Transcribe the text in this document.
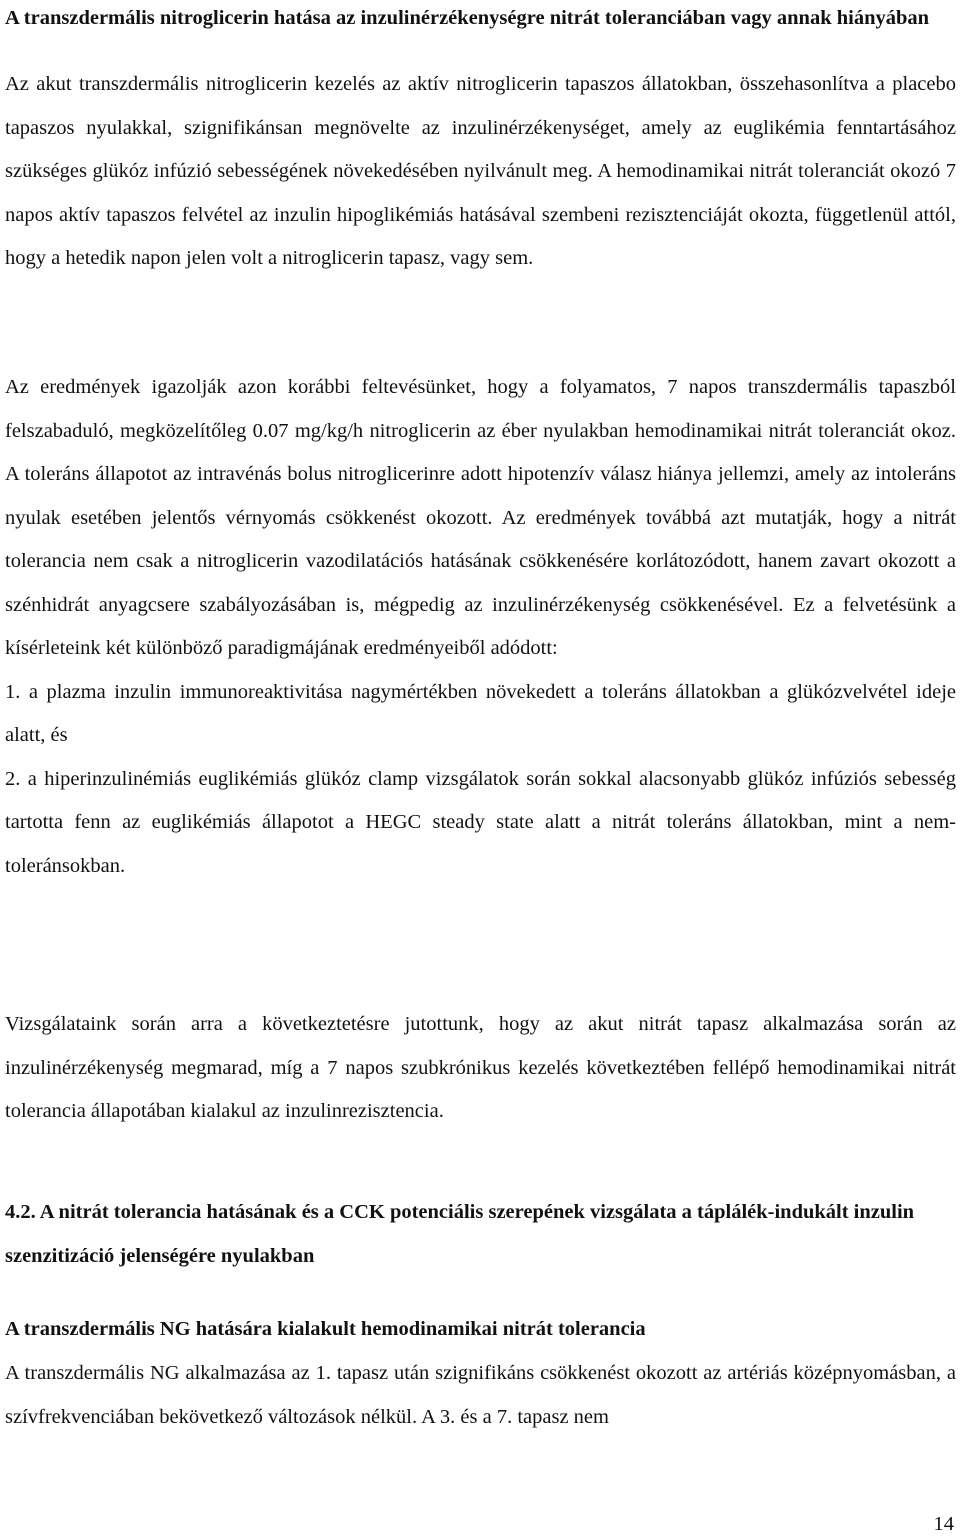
A transzdermális nitroglicerin hatása az inzulinérzékenységre nitrát toleranciában vagy annak hiányában

Az akut transzdermális nitroglicerin kezelés az aktív nitroglicerin tapaszos állatokban, összehasonlítva a placebo tapaszos nyulakkal, szignifikánsan megnövelte az inzulinérzékenységet, amely az euglikémia fenntartásához szükséges glükóz infúzió sebességének növekedésében nyilvánult meg. A hemodinamikai nitrát toleranciát okozó 7 napos aktív tapaszos felvétel az inzulin hipoglikémiás hatásával szembeni rezisztenciáját okozta, függetlenül attól, hogy a hetedik napon jelen volt a nitroglicerin tapasz, vagy sem.

Az eredmények igazolják azon korábbi feltevésünket, hogy a folyamatos, 7 napos transzdermális tapaszból felszabaduló, megközelítőleg 0.07 mg/kg/h nitroglicerin az éber nyulakban hemodinamikai nitrát toleranciát okoz. A toleráns állapotot az intravénás bolus nitroglicerinre adott hipotenzív válasz hiánya jellemzi, amely az intoleráns nyulak esetében jelentős vérnyomás csökkenést okozott. Az eredmények továbbá azt mutatják, hogy a nitrát tolerancia nem csak a nitroglicerin vazodilatációs hatásának csökkenésére korlátozódott, hanem zavart okozott a szénhidrát anyagcsere szabályozásában is, mégpedig az inzulinérzékenység csökkenésével. Ez a felvetésünk a kísérleteink két különböző paradigmájának eredményeiből adódott:

1. a plazma inzulin immunoreaktivitása nagymértékben növekedett a toleráns állatokban a glükózvelvétel ideje alatt, és

2. a hiperinzulinémiás euglikémiás glükóz clamp vizsgálatok során sokkal alacsonyabb glükóz infúziós sebesség tartotta fenn az euglikémiás állapotot a HEGC steady state alatt a nitrát toleráns állatokban, mint a nem-toleránsokban.

Vizsgálataink során arra a következtetésre jutottunk, hogy az akut nitrát tapasz alkalmazása során az inzulinérzékenység megmarad, míg a 7 napos szubkrónikus kezelés következtében fellépő hemodinamikai nitrát tolerancia állapotában kialakul az inzulinrezisztencia.

4.2. A nitrát tolerancia hatásának és a CCK potenciális szerepének vizsgálata a táplálék-indukált inzulin szenzitizáció jelenségére nyulakban
A transzdermális NG hatására kialakult hemodinamikai nitrát tolerancia

A transzdermális NG alkalmazása az 1. tapasz után szignifikáns csökkenést okozott az artériás középnyomásban, a szívfrekvenciában bekövetkező változások nélkül. A 3. és a 7. tapasz nem

14
